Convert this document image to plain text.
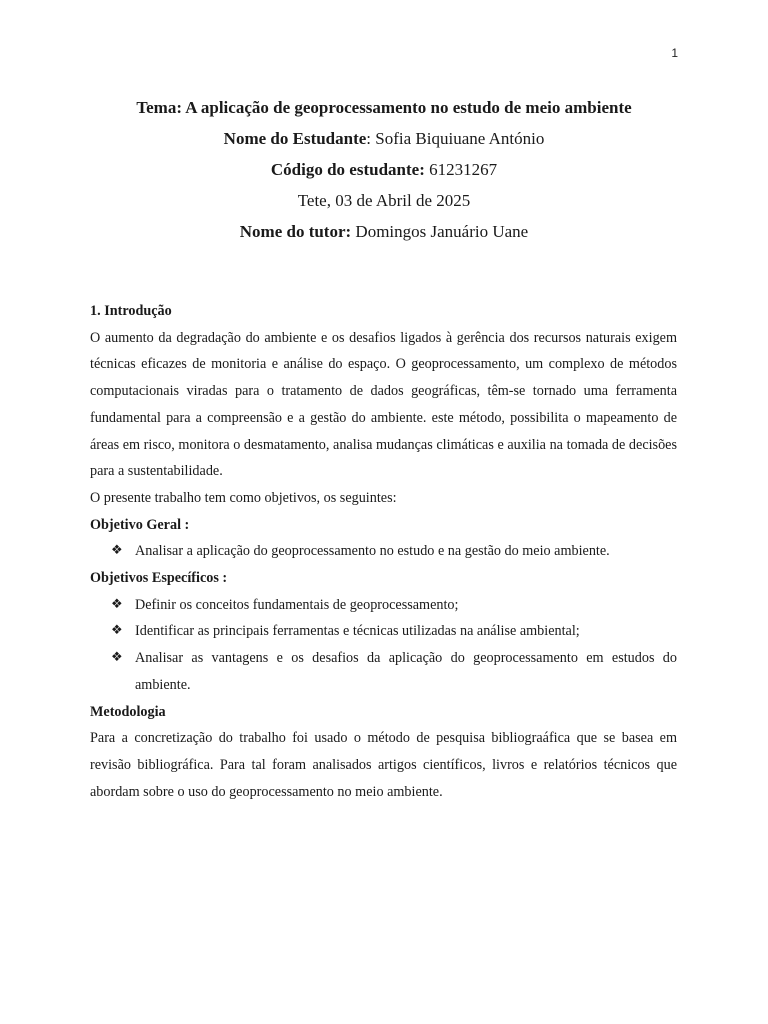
1
Tema: A aplicação de geoprocessamento no estudo de meio ambiente
Nome do Estudante: Sofia Biquiuane António
Código do estudante: 61231267
Tete, 03 de Abril de 2025
Nome do tutor: Domingos Januário Uane
1. Introdução
O aumento da degradação do ambiente e os desafios ligados à gerência dos recursos naturais exigem técnicas eficazes de monitoria e análise do espaço. O geoprocessamento, um complexo de métodos computacionais viradas para o tratamento de dados geográficas, têm-se tornado uma ferramenta fundamental para a compreensão e a gestão do ambiente. este método, possibilita o mapeamento de áreas em risco, monitora o desmatamento, analisa mudanças climáticas e auxilia na tomada de decisões para a sustentabilidade.
O presente trabalho tem como objetivos, os seguintes:
Objetivo Geral :
❖ Analisar a aplicação do geoprocessamento no estudo e na gestão do meio ambiente.
Objetivos Específicos :
❖ Definir os conceitos fundamentais de geoprocessamento;
❖ Identificar as principais ferramentas e técnicas utilizadas na análise ambiental;
❖ Analisar as vantagens e os desafios da aplicação do geoprocessamento em estudos do ambiente.
Metodologia
Para a concretização do trabalho foi usado o método de pesquisa bibliograáfica que se basea em revisão bibliográfica. Para tal foram analisados artigos científicos, livros e relatórios técnicos que abordam sobre o uso do geoprocessamento no meio ambiente.
